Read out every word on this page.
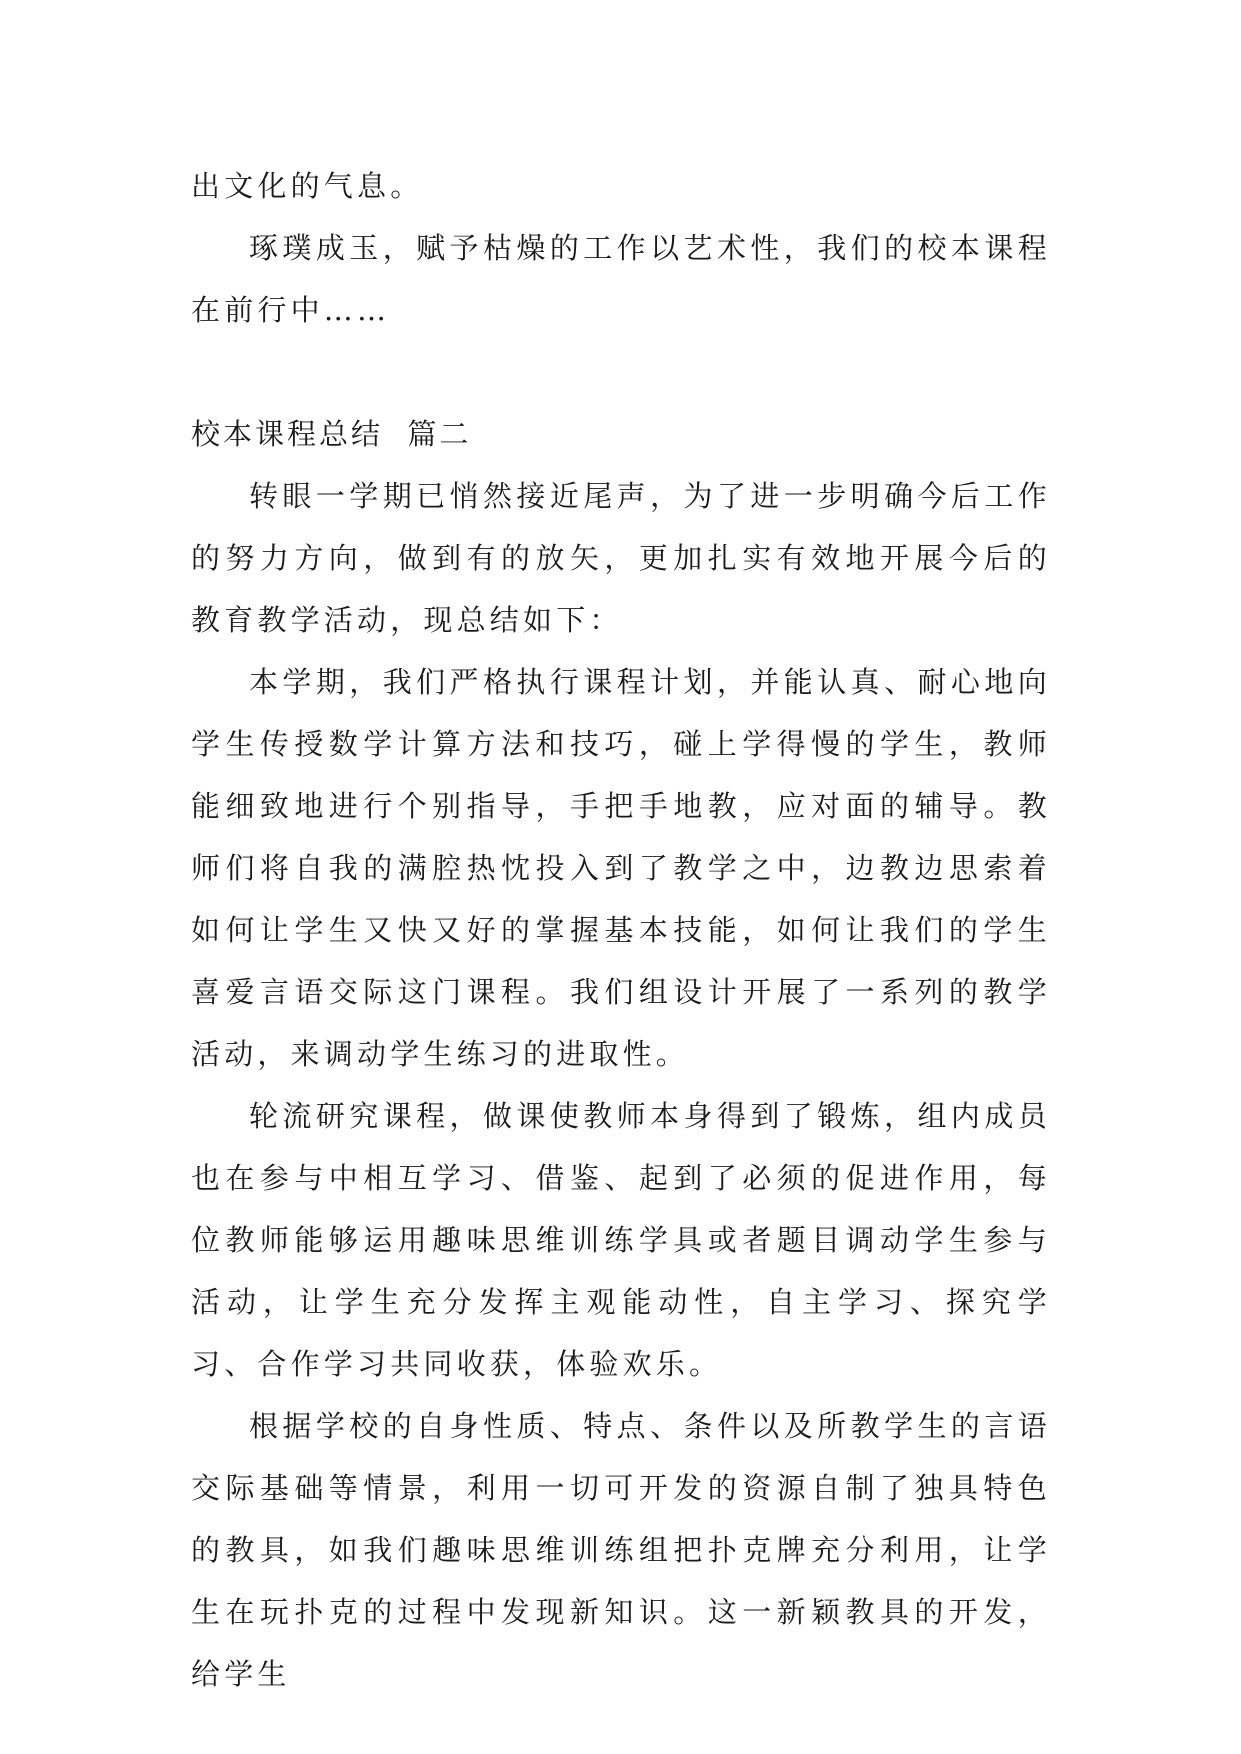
出文化的气息。

琢璞成玉，赋予枯燥的工作以艺术性，我们的校本课程在前行中……

校本课程总结  篇二

转眼一学期已悄然接近尾声，为了进一步明确今后工作的努力方向，做到有的放矢，更加扎实有效地开展今后的教育教学活动，现总结如下：

本学期，我们严格执行课程计划，并能认真、耐心地向学生传授数学计算方法和技巧，碰上学得慢的学生，教师能细致地进行个别指导，手把手地教，应对面的辅导。教师们将自我的满腔热忱投入到了教学之中，边教边思索着如何让学生又快又好的掌握基本技能，如何让我们的学生喜爱言语交际这门课程。我们组设计开展了一系列的教学活动，来调动学生练习的进取性。

轮流研究课程，做课使教师本身得到了锻炼，组内成员也在参与中相互学习、借鉴、起到了必须的促进作用，每位教师能够运用趣味思维训练学具或者题目调动学生参与活动，让学生充分发挥主观能动性，自主学习、探究学习、合作学习共同收获，体验欢乐。

根据学校的自身性质、特点、条件以及所教学生的言语交际基础等情景，利用一切可开发的资源自制了独具特色的教具，如我们趣味思维训练组把扑克牌充分利用，让学生在玩扑克的过程中发现新知识。这一新颖教具的开发，给学生
